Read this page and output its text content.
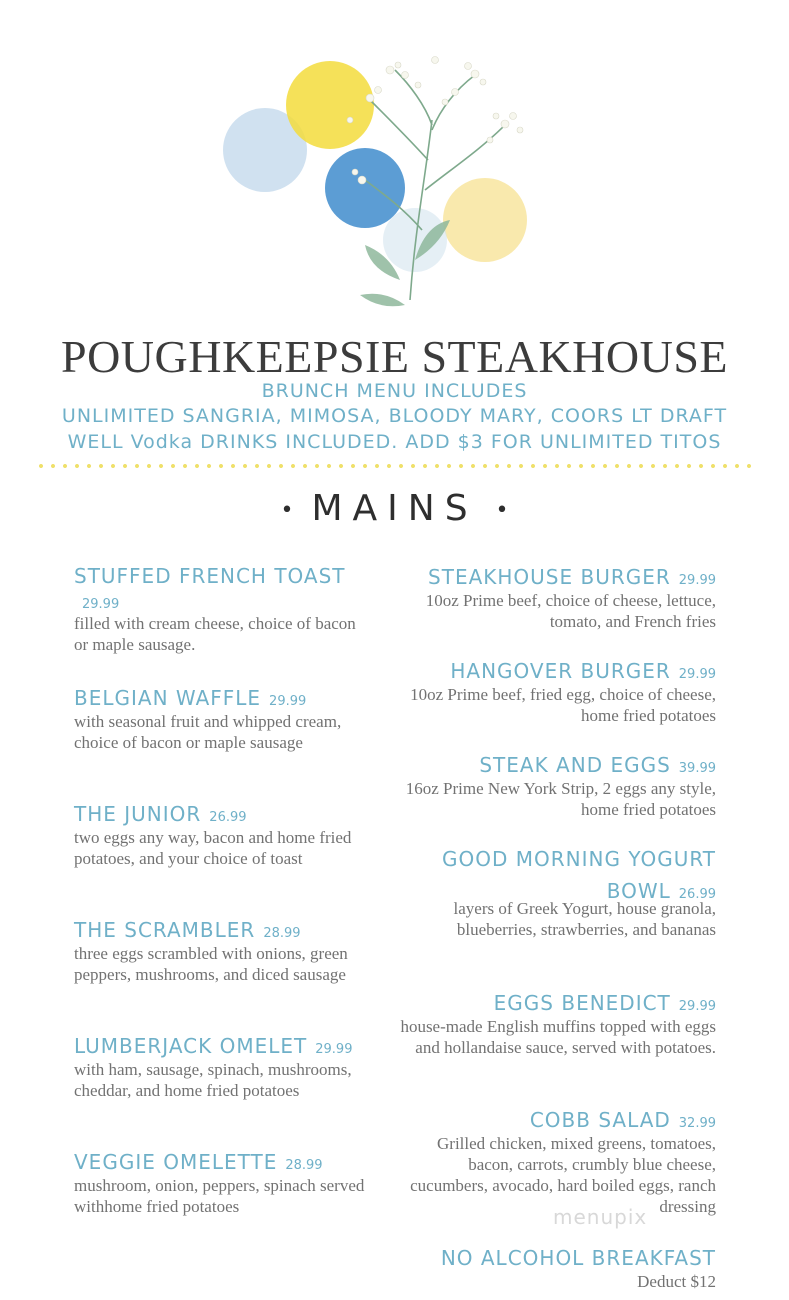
POUGHKEEPSIE STEAKHOUSE
BRUNCH MENU INCLUDES
UNLIMITED SANGRIA, MIMOSA, BLOODY MARY, COORS LT DRAFT
WELL Vodka DRINKS INCLUDED. ADD $3 FOR UNLIMITED TITOS
• MAINS •
STUFFED FRENCH TOAST
29.99
filled with cream cheese, choice of bacon or maple sausage.
BELGIAN WAFFLE 29.99
with seasonal fruit and whipped cream, choice of bacon or maple sausage
THE JUNIOR 26.99
two eggs any way, bacon and home fried potatoes, and your choice of toast
THE SCRAMBLER 28.99
three eggs scrambled with onions, green peppers, mushrooms, and diced sausage
LUMBERJACK OMELET 29.99
with ham, sausage, spinach, mushrooms, cheddar, and home fried potatoes
VEGGIE OMELETTE 28.99
mushroom, onion, peppers, spinach served withhome fried potatoes
STEAKHOUSE BURGER 29.99
10oz Prime beef, choice of cheese, lettuce, tomato, and French fries
HANGOVER BURGER 29.99
10oz Prime beef, fried egg, choice of cheese, home fried potatoes
STEAK AND EGGS 39.99
16oz Prime New York Strip, 2 eggs any style, home fried potatoes
GOOD MORNING YOGURT
BOWL 26.99
layers of Greek Yogurt, house granola, blueberries, strawberries, and bananas
EGGS BENEDICT 29.99
house-made English muffins topped with eggs and hollandaise sauce, served with potatoes.
COBB SALAD 32.99
Grilled chicken, mixed greens, tomatoes, bacon, carrots, crumbly blue cheese, cucumbers, avocado, hard boiled eggs, ranch dressing
NO ALCOHOL BREAKFAST
Deduct $12
menupix
